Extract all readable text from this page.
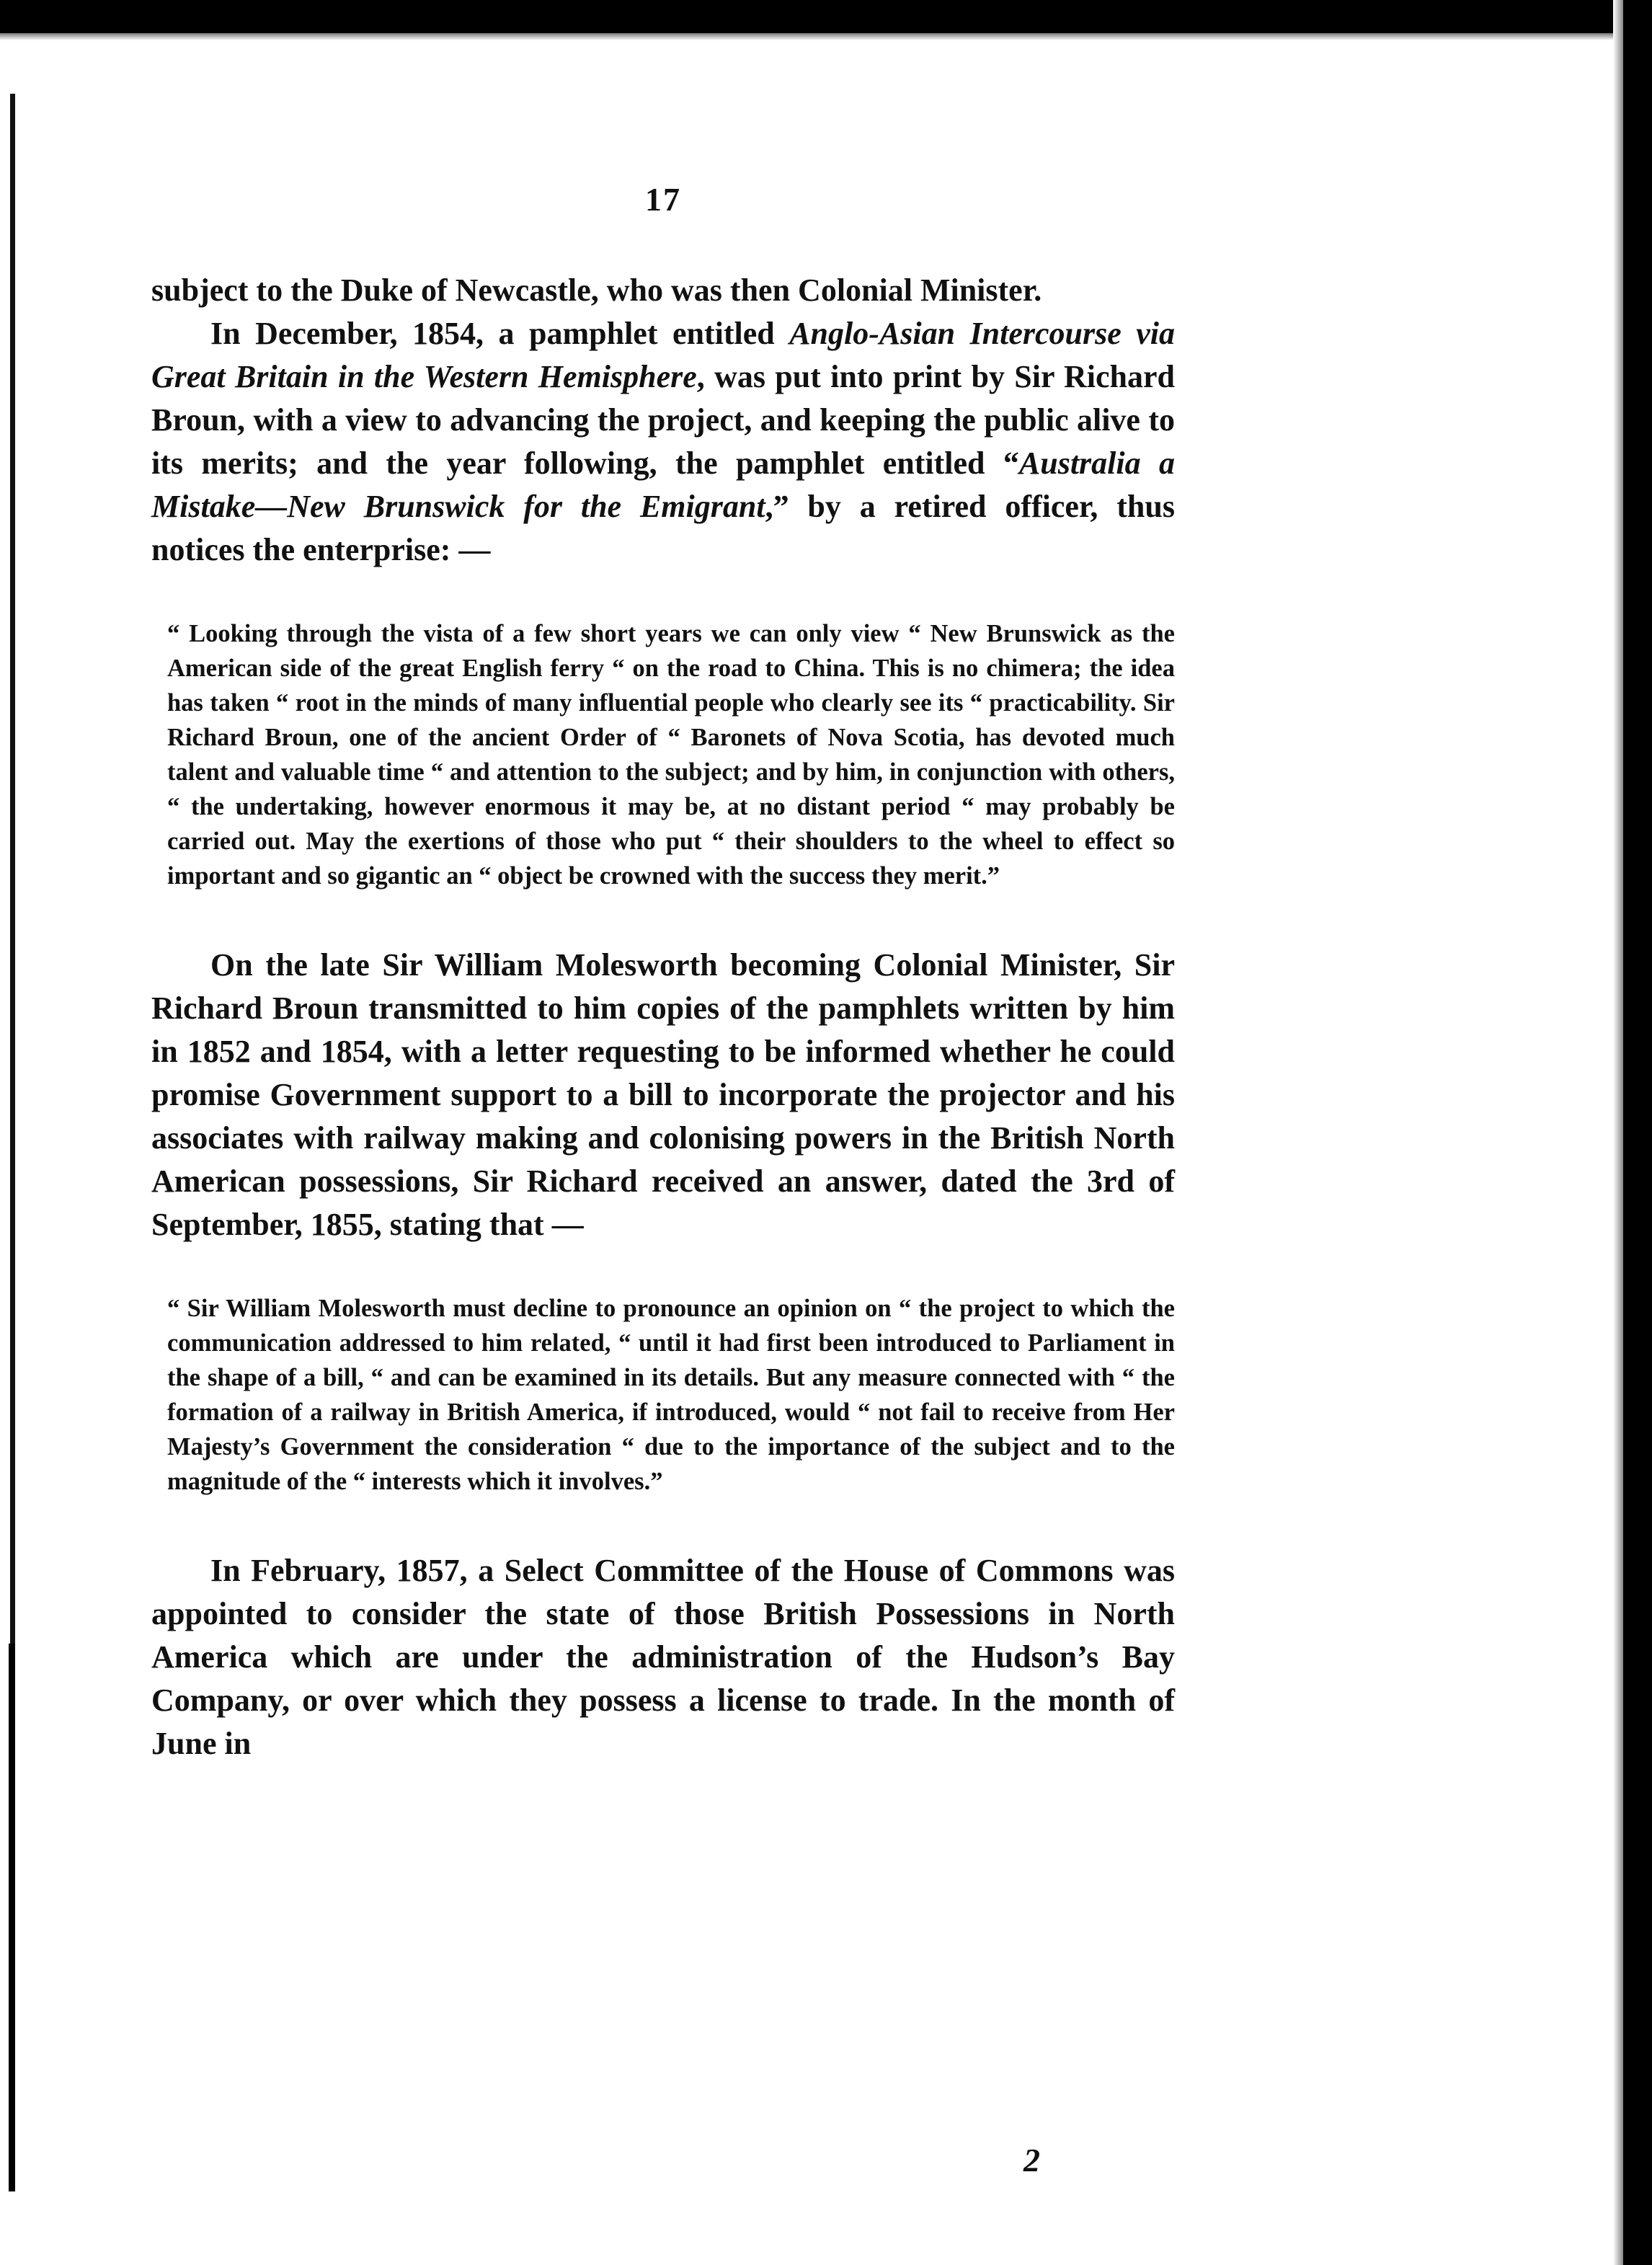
17

subject to the Duke of Newcastle, who was then Colonial Minister.

In December, 1854, a pamphlet entitled Anglo-Asian Intercourse via Great Britain in the Western Hemisphere, was put into print by Sir Richard Broun, with a view to advancing the project, and keeping the public alive to its merits; and the year following, the pamphlet entitled “Australia a Mistake—New Brunswick for the Emigrant,” by a retired officer, thus notices the enterprise: —

“ Looking through the vista of a few short years we can only view “ New Brunswick as the American side of the great English ferry “ on the road to China. This is no chimera; the idea has taken “ root in the minds of many influential people who clearly see its “ practicability. Sir Richard Broun, one of the ancient Order of “ Baronets of Nova Scotia, has devoted much talent and valuable time “ and attention to the subject; and by him, in conjunction with others, “ the undertaking, however enormous it may be, at no distant period “ may probably be carried out. May the exertions of those who put “ their shoulders to the wheel to effect so important and so gigantic an “ object be crowned with the success they merit.”

On the late Sir William Molesworth becoming Colonial Minister, Sir Richard Broun transmitted to him copies of the pamphlets written by him in 1852 and 1854, with a letter requesting to be informed whether he could promise Government support to a bill to incorporate the projector and his associates with railway making and colonising powers in the British North American possessions, Sir Richard received an answer, dated the 3rd of September, 1855, stating that —

“ Sir William Molesworth must decline to pronounce an opinion on “ the project to which the communication addressed to him related, “ until it had first been introduced to Parliament in the shape of a bill, “ and can be examined in its details. But any measure connected with “ the formation of a railway in British America, if introduced, would “ not fail to receive from Her Majesty’s Government the consideration “ due to the importance of the subject and to the magnitude of the “ interests which it involves.”

In February, 1857, a Select Committee of the House of Commons was appointed to consider the state of those British Possessions in North America which are under the administration of the Hudson’s Bay Company, or over which they possess a license to trade. In the month of June in

2
